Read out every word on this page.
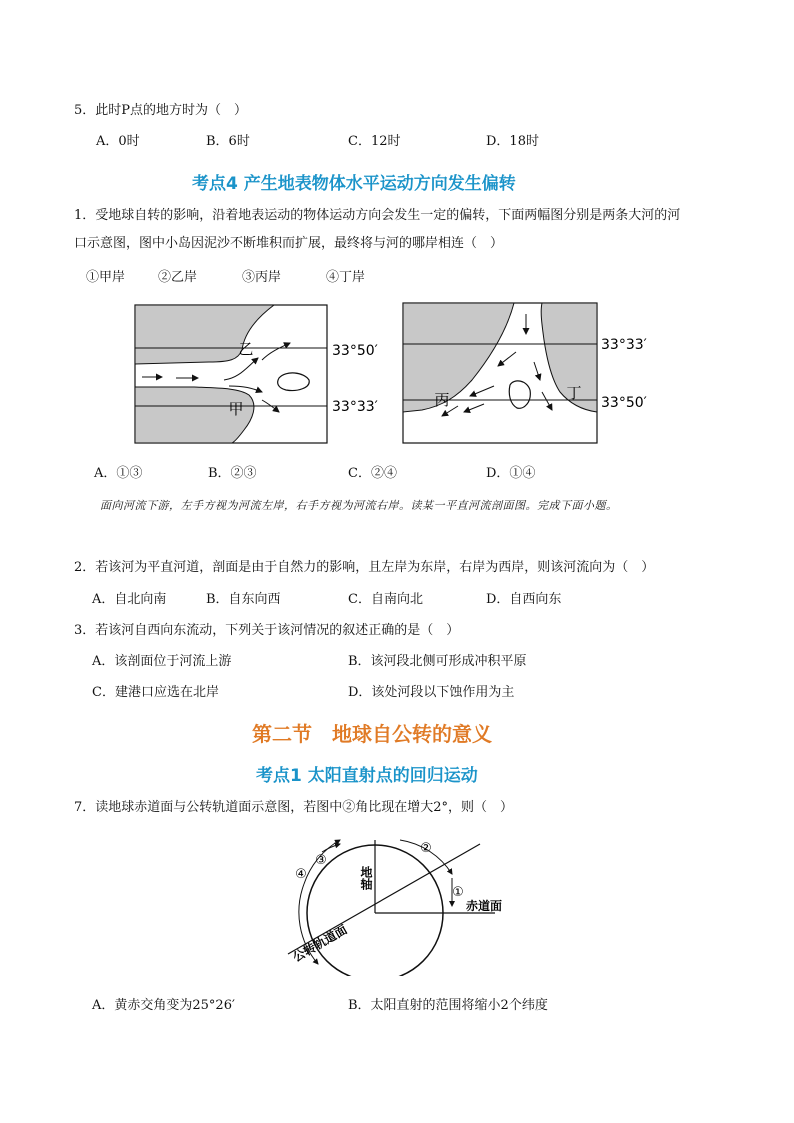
5．此时P点的地方时为（　）
A．0时	B．6时	C．12时	D．18时
考点4 产生地表物体水平运动方向发生偏转
1．受地球自转的影响，沿着地表运动的物体运动方向会发生一定的偏转，下面两幅图分别是两条大河的河
口示意图，图中小岛因泥沙不断堆积而扩展，最终将与河的哪岸相连（　）
①甲岸	②乙岸	③丙岸	④丁岸
乙
甲
33°50′
33°33′	丙	丁
33°33′
33°50′
A．①③	B．②③	C．②④	D．①④
面向河流下游，左手方视为河流左岸，右手方视为河流右岸。读某一平直河流剖面图。完成下面小题。
2．若该河为平直河道，剖面是由于自然力的影响，且左岸为东岸，右岸为西岸，则该河流向为（　）
A．自北向南	B．自东向西	C．自南向北	D．自西向东
3．若该河自西向东流动，下列关于该河情况的叙述正确的是（　）
A．该剖面位于河流上游	B．该河段北侧可形成冲积平原
C．建港口应选在北岸	D．该处河段以下蚀作用为主
第二节　地球自公转的意义
考点1 太阳直射点的回归运动
7．读地球赤道面与公转轨道面示意图，若图中②角比现在增大2°，则（　）
②
①
③
④	地轴
赤道面
公转轨道面
A．黄赤交角变为25°26′	B．太阳直射的范围将缩小2个纬度
